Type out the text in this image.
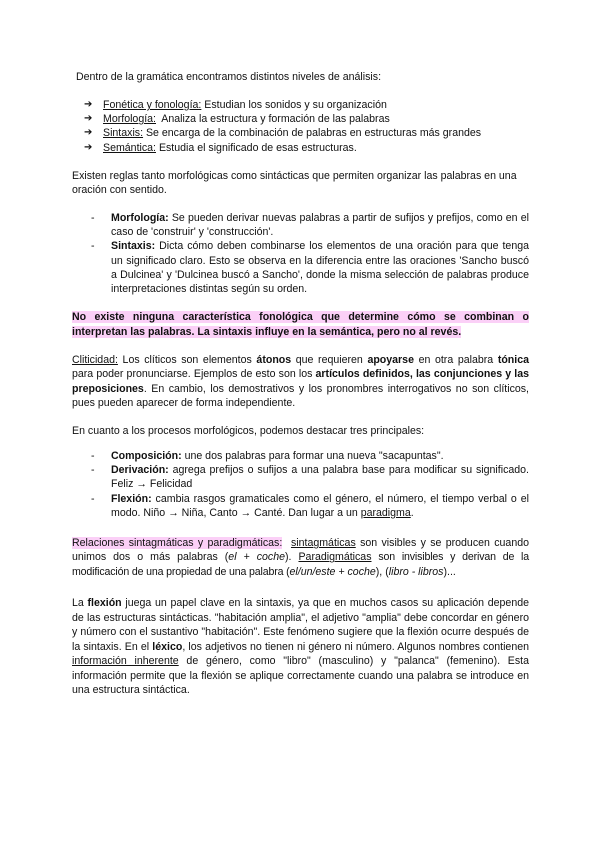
Dentro de la gramática encontramos distintos niveles de análisis:

➔ Fonética y fonología: Estudian los sonidos y su organización
➔ Morfología:  Analiza la estructura y formación de las palabras
➔ Sintaxis: Se encarga de la combinación de palabras en estructuras más grandes
➔ Semántica: Estudia el significado de esas estructuras.

Existen reglas tanto morfológicas como sintácticas que permiten organizar las palabras en una oración con sentido.

- Morfología: Se pueden derivar nuevas palabras a partir de sufijos y prefijos, como en el caso de 'construir' y 'construcción'.
- Sintaxis: Dicta cómo deben combinarse los elementos de una oración para que tenga un significado claro. Esto se observa en la diferencia entre las oraciones 'Sancho buscó a Dulcinea' y 'Dulcinea buscó a Sancho', donde la misma selección de palabras produce interpretaciones distintas según su orden.
No existe ninguna característica fonológica que determine cómo se combinan o
interpretan las palabras. La sintaxis influye en la semántica, pero no al revés.

Cliticidad: Los clíticos son elementos átonos que requieren apoyarse en otra palabra tónica para poder pronunciarse. Ejemplos de esto son los artículos definidos, las conjunciones y las preposiciones. En cambio, los demostrativos y los pronombres interrogativos no son clíticos, pues pueden aparecer de forma independiente.

En cuanto a los procesos morfológicos, podemos destacar tres principales:

- Composición: une dos palabras para formar una nueva "sacapuntas".
- Derivación: agrega prefijos o sufijos a una palabra base para modificar su significado. Feliz → Felicidad
- Flexión: cambia rasgos gramaticales como el género, el número, el tiempo verbal o el modo. Niño → Niña, Canto → Canté. Dan lugar a un paradigma.

Relaciones sintagmáticas y paradigmáticas: sintagmáticas son visibles y se producen cuando unimos dos o más palabras (el + coche). Paradigmáticas son invisibles y derivan de la modificación de una propiedad de una palabra (el/un/este + coche), (libro - libros)...

La flexión juega un papel clave en la sintaxis, ya que en muchos casos su aplicación depende de las estructuras sintácticas. "habitación amplia", el adjetivo "amplia" debe concordar en género y número con el sustantivo "habitación". Este fenómeno sugiere que la flexión ocurre después de la sintaxis. En el léxico, los adjetivos no tienen ni género ni número. Algunos nombres contienen información inherente de género, como "libro" (masculino) y "palanca" (femenino). Esta información permite que la flexión se aplique correctamente cuando una palabra se introduce en una estructura sintáctica.
